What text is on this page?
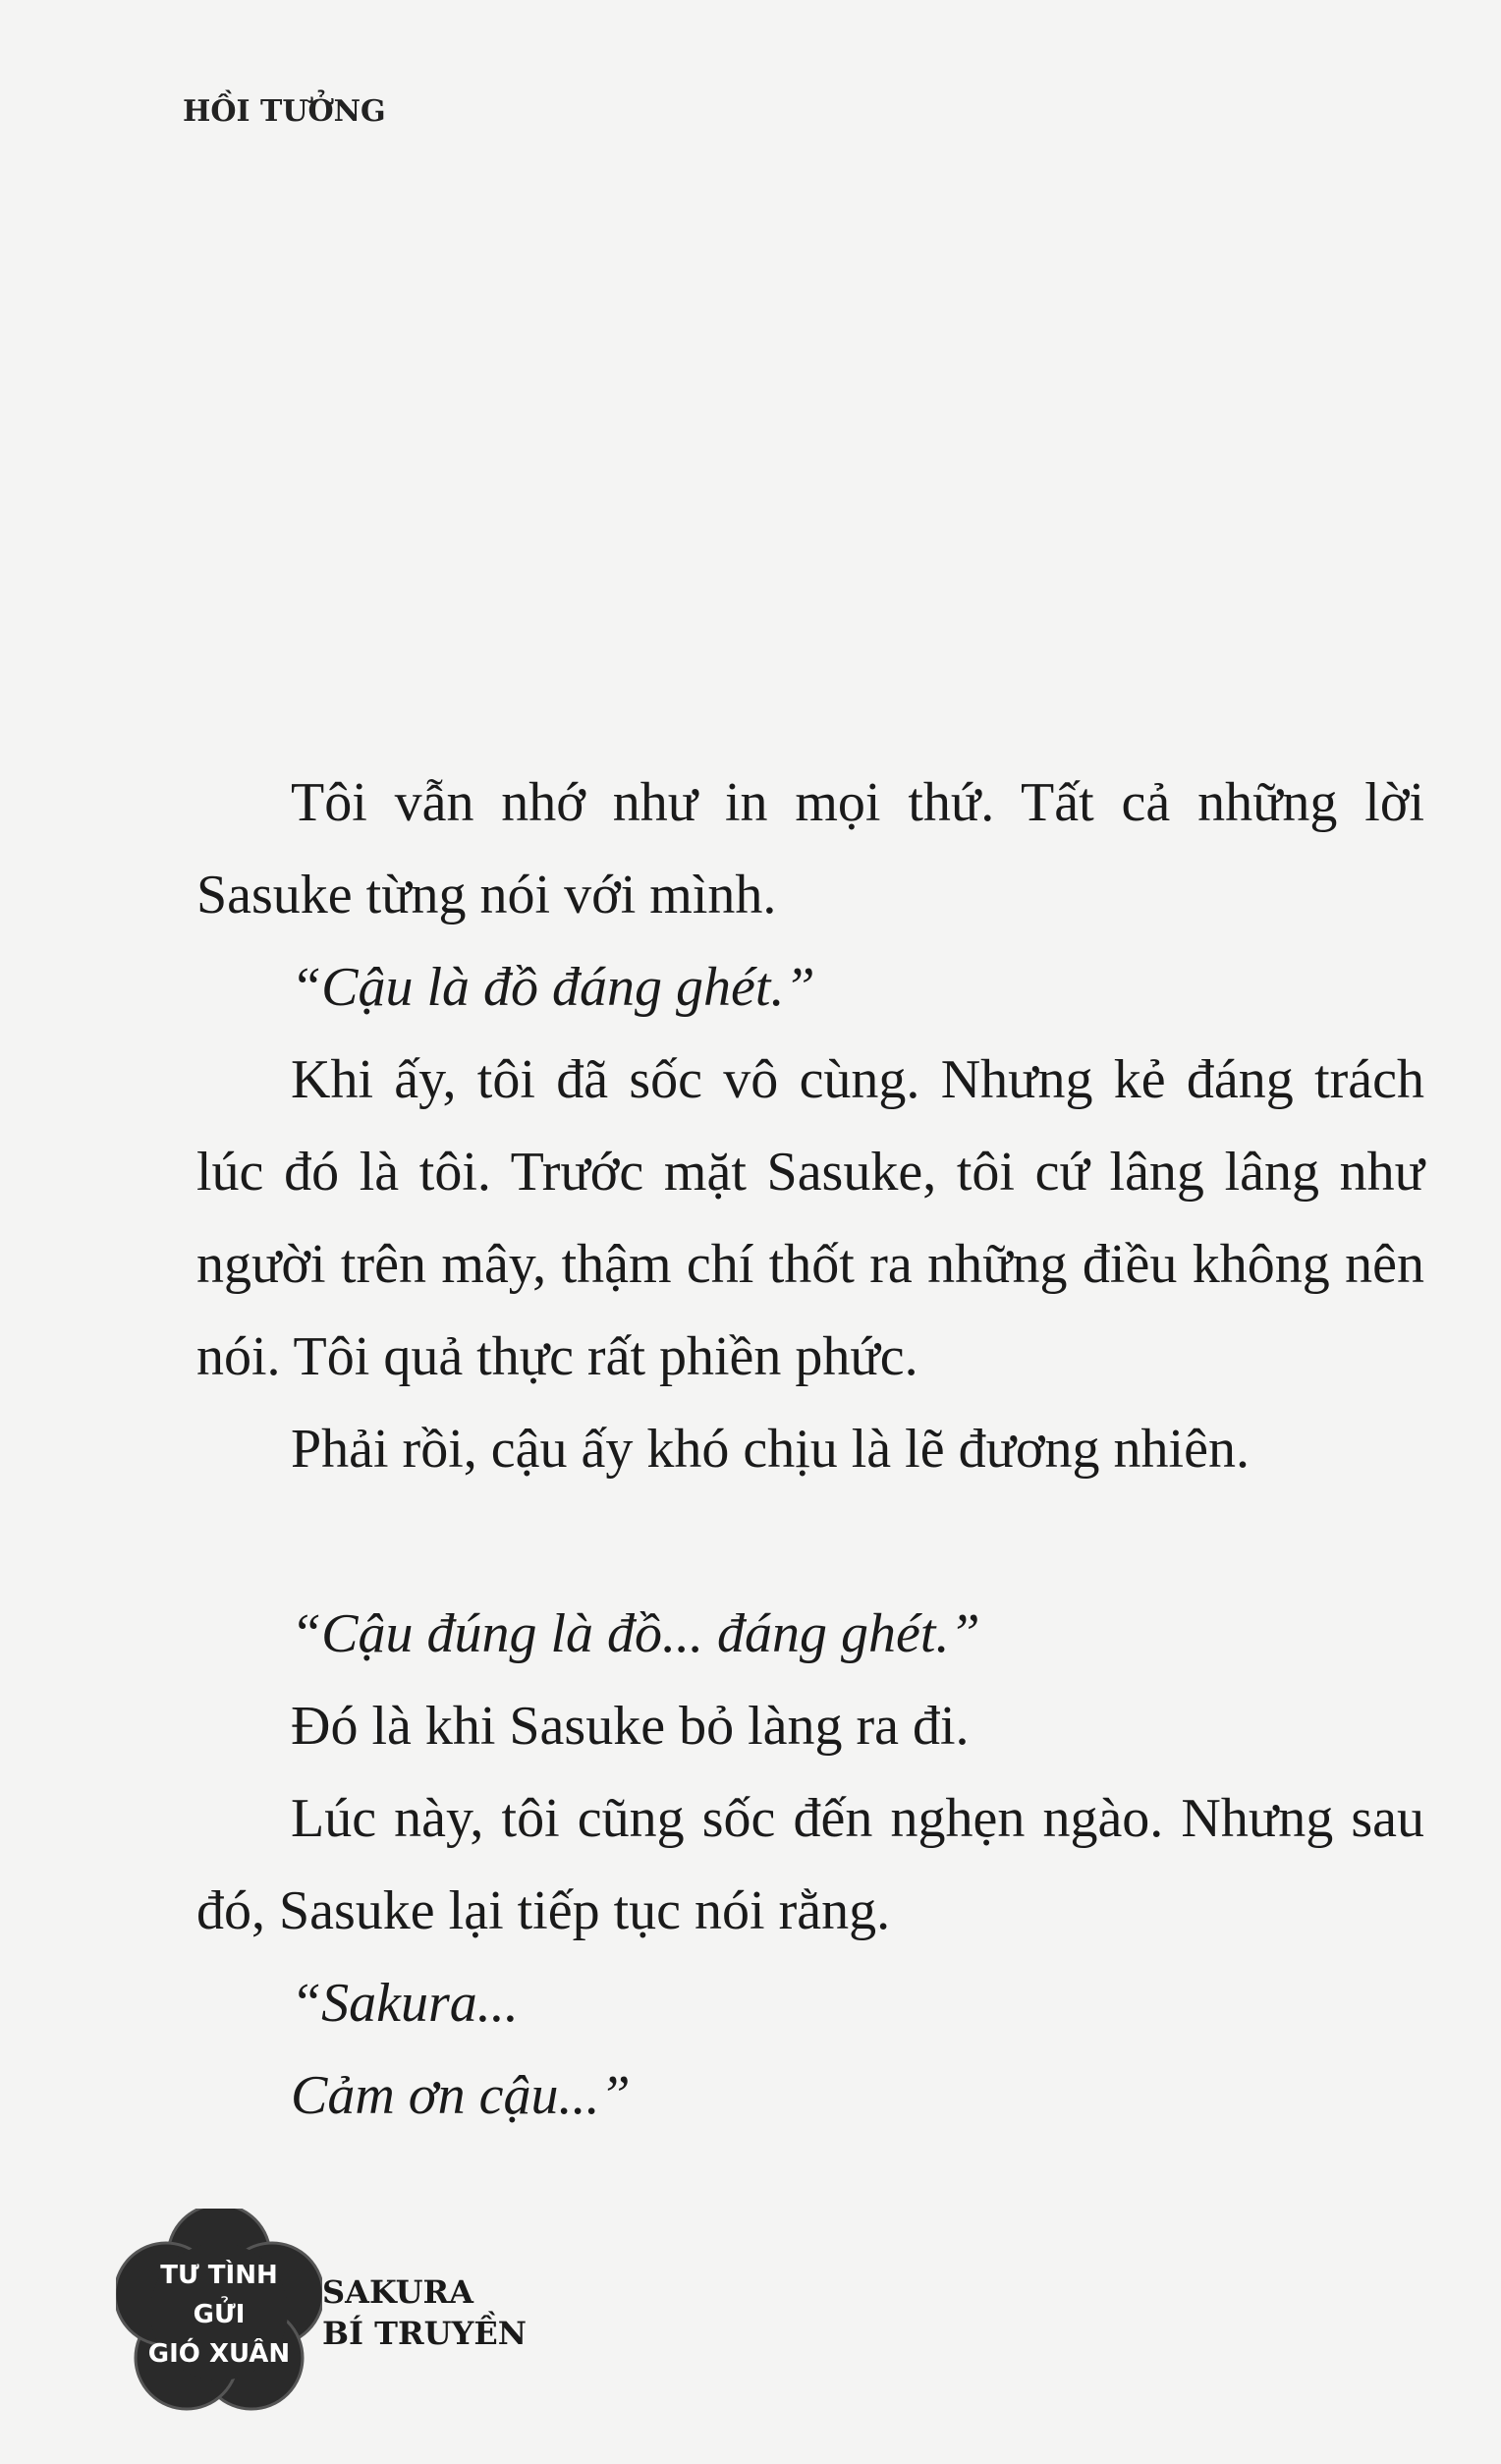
HỒI TƯỞNG

Tôi vẫn nhớ như in mọi thứ. Tất cả những lời Sasuke từng nói với mình.

“Cậu là đồ đáng ghét.”

Khi ấy, tôi đã sốc vô cùng. Nhưng kẻ đáng trách lúc đó là tôi. Trước mặt Sasuke, tôi cứ lâng lâng như người trên mây, thậm chí thốt ra những điều không nên nói. Tôi quả thực rất phiền phức.

Phải rồi, cậu ấy khó chịu là lẽ đương nhiên.

“Cậu đúng là đồ... đáng ghét.”

Đó là khi Sasuke bỏ làng ra đi.

Lúc này, tôi cũng sốc đến nghẹn ngào. Nhưng sau đó, Sasuke lại tiếp tục nói rằng.

“Sakura...

Cảm ơn cậu...”

TƯ TÌNH
GỬI
GIÓ XUÂN
SAKURA
BÍ TRUYỀN
